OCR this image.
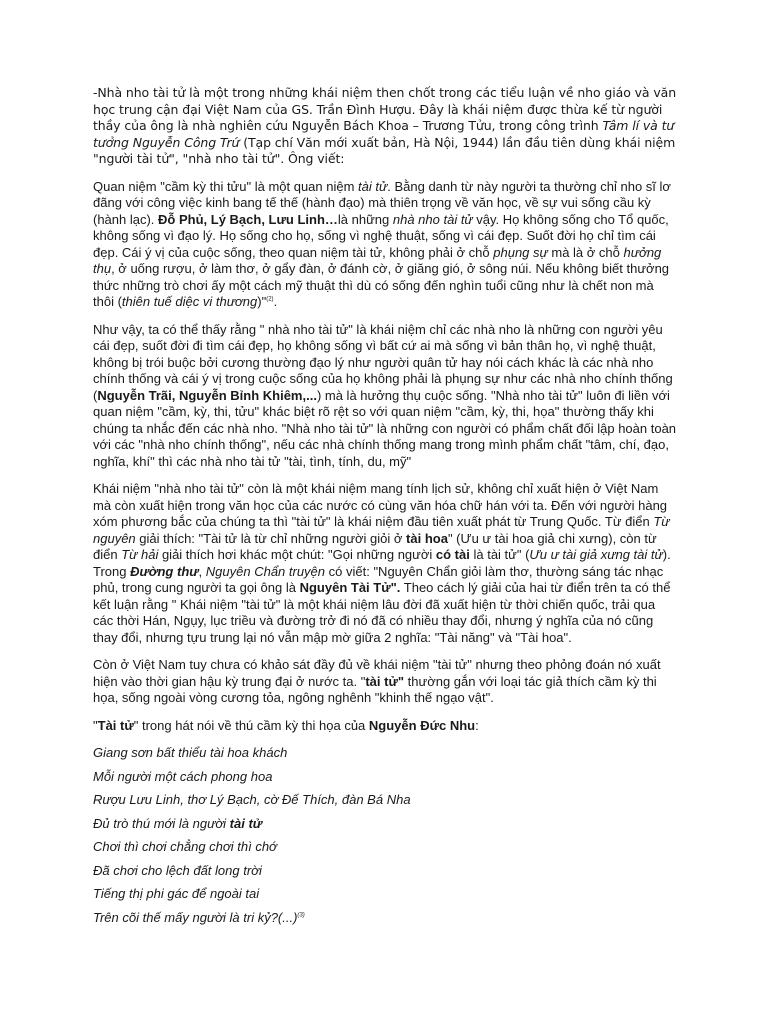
-Nhà nho tài tử là một trong những khái niệm then chốt trong các tiểu luận về nho giáo và văn học trung cận đại Việt Nam của GS. Trần Đình Hượu. Đây là khái niệm được thừa kế từ người thầy của ông là nhà nghiên cứu Nguyễn Bách Khoa – Trương Tửu, trong công trình Tâm lí và tư tưởng Nguyễn Công Trứ (Tạp chí Văn mới xuất bản, Hà Nội, 1944) lần đầu tiên dùng khái niệm "người tài tử", "nhà nho tài tử". Ông viết:

Quan niệm "cầm kỳ thi tửu" là một quan niệm tài tử. Bằng danh từ này người ta thường chỉ nho sĩ lơ đãng với công việc kinh bang tế thế (hành đạo) mà thiên trọng về văn học, về sự vui sống cầu kỳ (hành lạc). Đỗ Phủ, Lý Bạch, Lưu Linh…là những nhà nho tài tử vậy. Họ không sống cho Tổ quốc, không sống vì đạo lý. Họ sống cho họ, sống vì nghệ thuật, sống vì cái đẹp. Suốt đời họ chỉ tìm cái đẹp. Cái ý vị của cuộc sống, theo quan niệm tài tử, không phải ở chỗ phụng sự mà là ở chỗ hưởng thụ, ở uống rượu, ở làm thơ, ở gẩy đàn, ở đánh cờ, ở giăng gió, ở sông núi. Nếu không biết thưởng thức những trò chơi ấy một cách mỹ thuật thì dù có sống đến nghìn tuổi cũng như là chết non mà thôi (thiên tuế diệc vi thương)"$^{(2)}$.

Như vậy, ta có thể thấy rằng " nhà nho tài tử" là khái niệm chỉ các nhà nho là những con người yêu cái đẹp, suốt đời đi tìm cái đẹp, họ không sống vì bất cứ ai mà sống vì bản thân họ, vì nghệ thuật, không bị trói buộc bởi cương thường đạo lý như người quân tử hay nói cách khác là các nhà nho chính thống và cái ý vị trong cuộc sống của họ không phải là phụng sự như các nhà nho chính thống (Nguyễn Trãi, Nguyễn Bỉnh Khiêm,...) mà là hưởng thụ cuộc sống. "Nhà nho tài tử" luôn đi liền với quan niệm "cầm, kỳ, thi, tửu" khác biệt rõ rệt so với quan niệm "cầm, kỳ, thi, họa" thường thấy khi chúng ta nhắc đến các nhà nho. "Nhà nho tài tử" là những con người có phẩm chất đối lập hoàn toàn với các "nhà nho chính thống", nếu các nhà chính thống mang trong mình phẩm chất "tâm, chí, đạo, nghĩa, khí" thì các nhà nho tài tử "tài, tình, tính, du, mỹ"

Khái niệm "nhà nho tài tử" còn là một khái niệm mang tính lịch sử, không chỉ xuất hiện ở Việt Nam mà còn xuất hiện trong văn học của các nước có cùng văn hóa chữ hán với ta. Đến với người hàng xóm phương bắc của chúng ta thì "tài tử" là khái niệm đầu tiên xuất phát từ Trung Quốc. Từ điển Từ nguyên giải thích: "Tài tử là từ chỉ những người giỏi ở tài hoa" (Ưu ư tài hoa giả chi xưng), còn từ điển Từ hải giải thích hơi khác một chút: "Gọi những người có tài là tài tử" (Ưu ư tài giả xưng tài tử). Trong Đường thư, Nguyên Chẩn truyện có viết: "Nguyên Chẩn giỏi làm thơ, thường sáng tác nhạc phủ, trong cung người ta gọi ông là Nguyên Tài Tử". Theo cách lý giải của hai từ điển trên ta có thể kết luận rằng " Khái niệm "tài tử" là một khái niệm lâu đời đã xuất hiện từ thời chiến quốc, trải qua các thời Hán, Ngụy, lục triều và đường trở đi nó đã có nhiều thay đổi, nhưng ý nghĩa của nó cũng thay đổi, nhưng tựu trung lại nó vẫn mập mờ giữa 2 nghĩa: "Tài năng" và "Tài hoa".

Còn ở Việt Nam tuy chưa có khảo sát đầy đủ về khái niệm "tài tử" nhưng theo phỏng đoán nó xuất hiện vào thời gian hậu kỳ trung đại ở nước ta. "tài tử" thường gắn với loại tác giả thích cầm kỳ thi họa, sống ngoài vòng cương tỏa, ngông nghênh "khinh thế ngạo vật".

"Tài tử" trong hát nói về thú cầm kỳ thi họa của Nguyễn Đức Nhu:

Giang sơn bất thiểu tài hoa khách

Mỗi người một cách phong hoa

Rượu Lưu Linh, thơ Lý Bạch, cờ Đế Thích, đàn Bá Nha

Đủ trò thú mới là người tài tử

Chơi thì chơi chẳng chơi thì chớ

Đã chơi cho lệch đất long trời

Tiếng thị phi gác để ngoài tai

Trên cõi thế mấy người là tri kỷ?(...)$^{(3)}$
